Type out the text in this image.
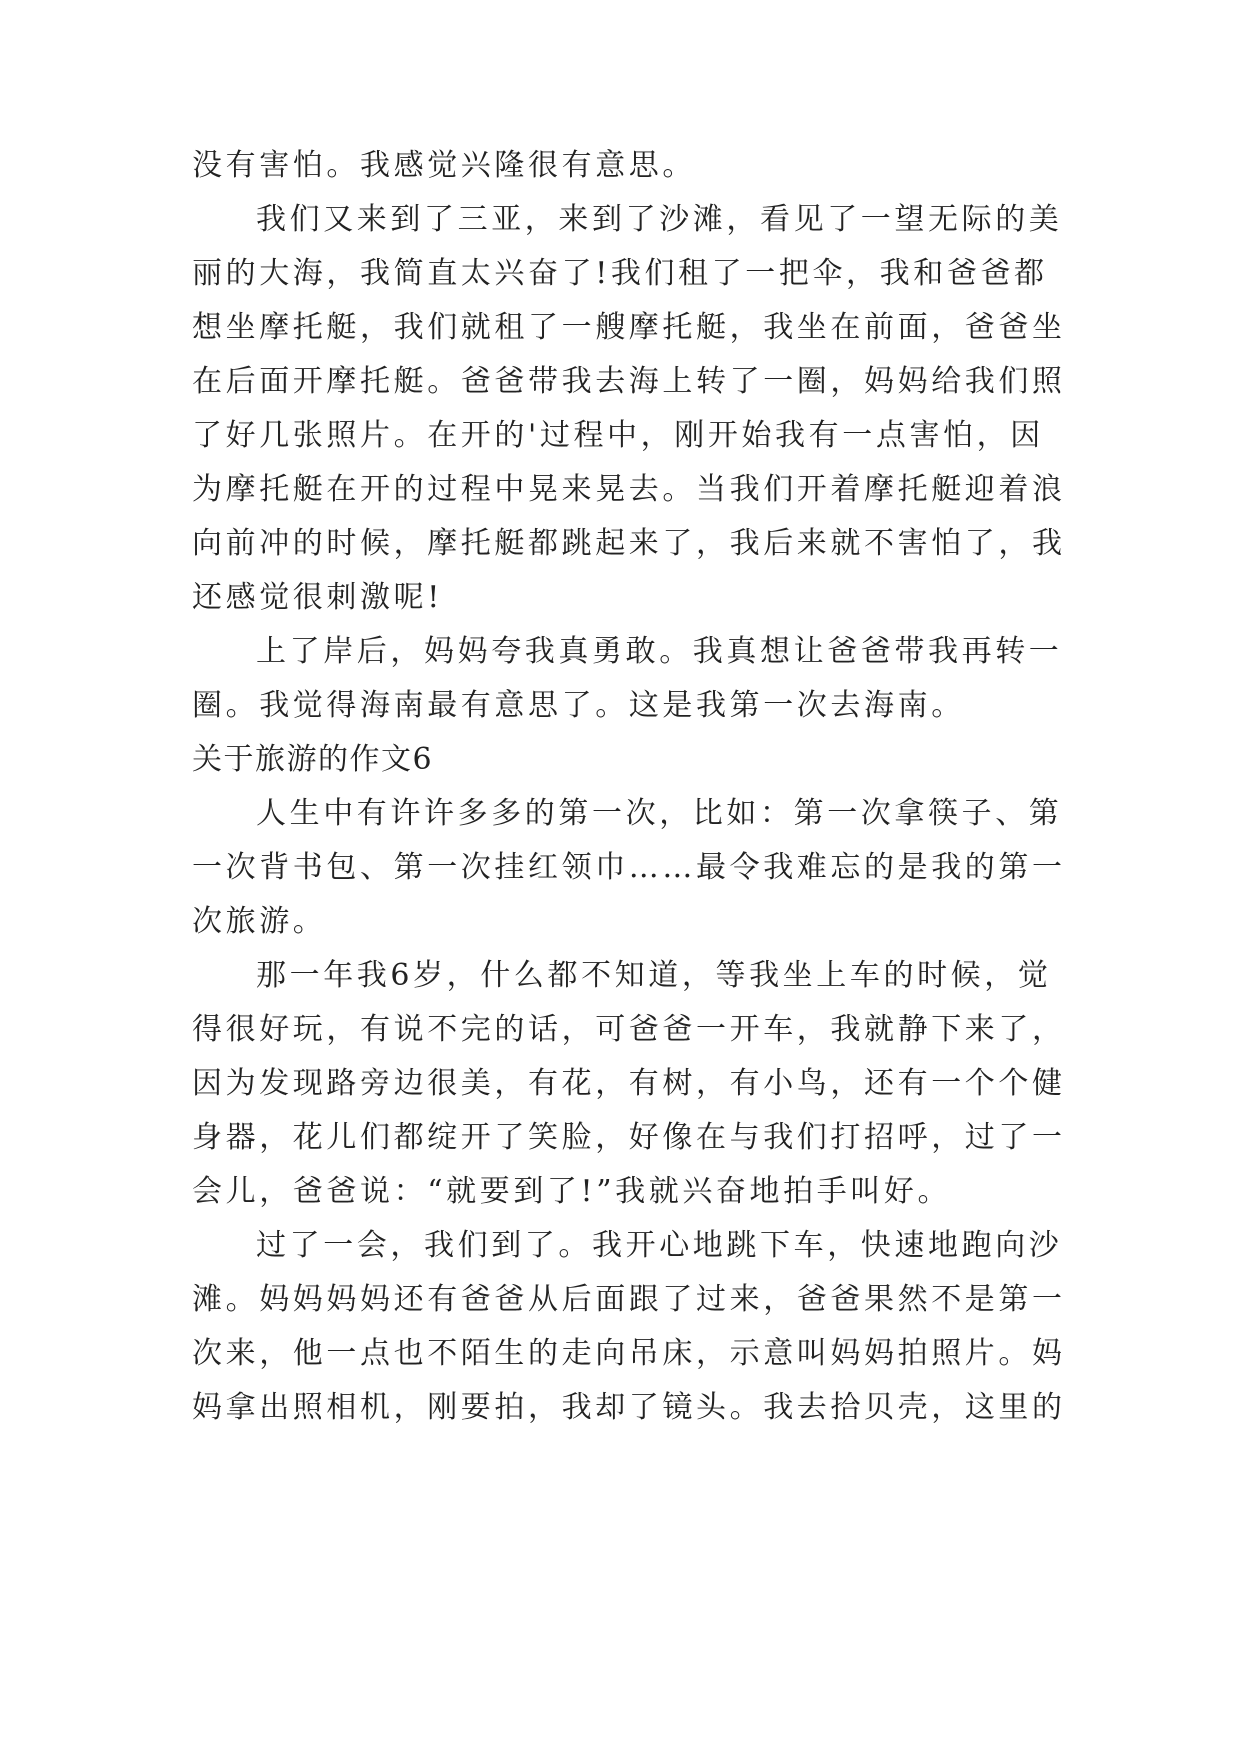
没有害怕。我感觉兴隆很有意思。
我们又来到了三亚，来到了沙滩，看见了一望无际的美
丽的大海，我简直太兴奋了!我们租了一把伞，我和爸爸都
想坐摩托艇，我们就租了一艘摩托艇，我坐在前面，爸爸坐
在后面开摩托艇。爸爸带我去海上转了一圈，妈妈给我们照
了好几张照片。在开的'过程中，刚开始我有一点害怕，因
为摩托艇在开的过程中晃来晃去。当我们开着摩托艇迎着浪
向前冲的时候，摩托艇都跳起来了，我后来就不害怕了，我
还感觉很刺激呢!
上了岸后，妈妈夸我真勇敢。我真想让爸爸带我再转一
圈。我觉得海南最有意思了。这是我第一次去海南。
关于旅游的作文6
人生中有许许多多的第一次，比如：第一次拿筷子、第
一次背书包、第一次挂红领巾……最令我难忘的是我的第一
次旅游。
那一年我6岁，什么都不知道，等我坐上车的时候，觉
得很好玩，有说不完的话，可爸爸一开车，我就静下来了，
因为发现路旁边很美，有花，有树，有小鸟，还有一个个健
身器，花儿们都绽开了笑脸，好像在与我们打招呼，过了一
会儿，爸爸说：“就要到了!”我就兴奋地拍手叫好。
过了一会，我们到了。我开心地跳下车，快速地跑向沙
滩。妈妈妈妈还有爸爸从后面跟了过来，爸爸果然不是第一
次来，他一点也不陌生的走向吊床，示意叫妈妈拍照片。妈
妈拿出照相机，刚要拍，我却了镜头。我去拾贝壳，这里的
